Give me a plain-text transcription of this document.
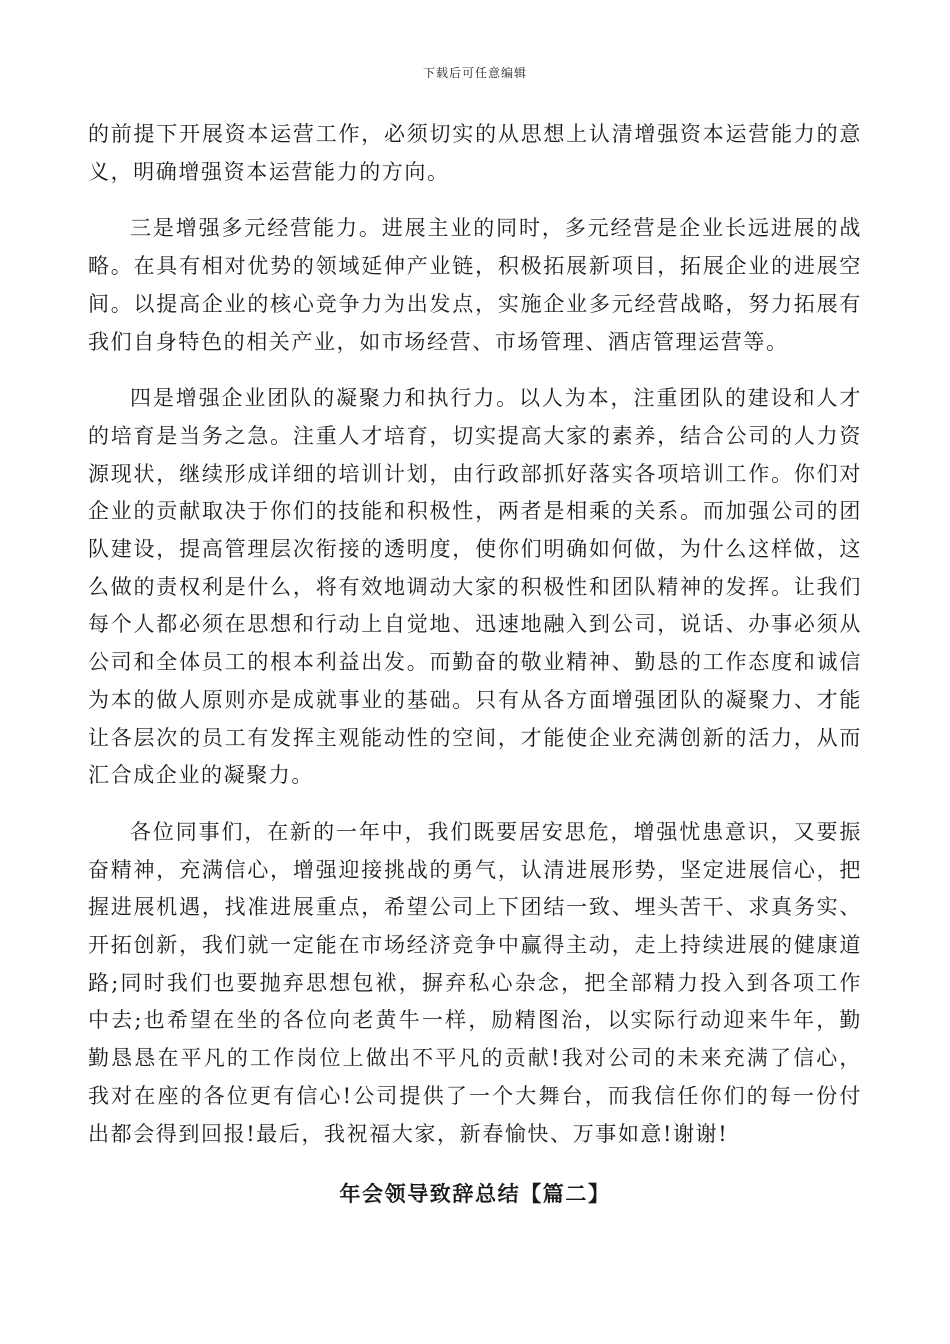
下载后可任意编辑

的前提下开展资本运营工作，必须切实的从思想上认清增强资本运营能力的意义，明确增强资本运营能力的方向。

三是增强多元经营能力。进展主业的同时，多元经营是企业长远进展的战略。在具有相对优势的领域延伸产业链，积极拓展新项目，拓展企业的进展空间。以提高企业的核心竞争力为出发点，实施企业多元经营战略，努力拓展有我们自身特色的相关产业，如市场经营、市场管理、酒店管理运营等。

四是增强企业团队的凝聚力和执行力。以人为本，注重团队的建设和人才的培育是当务之急。注重人才培育，切实提高大家的素养，结合公司的人力资源现状，继续形成详细的培训计划，由行政部抓好落实各项培训工作。你们对企业的贡献取决于你们的技能和积极性，两者是相乘的关系。而加强公司的团队建设，提高管理层次衔接的透明度，使你们明确如何做，为什么这样做，这么做的责权利是什么，将有效地调动大家的积极性和团队精神的发挥。让我们每个人都必须在思想和行动上自觉地、迅速地融入到公司，说话、办事必须从公司和全体员工的根本利益出发。而勤奋的敬业精神、勤恳的工作态度和诚信为本的做人原则亦是成就事业的基础。只有从各方面增强团队的凝聚力、才能让各层次的员工有发挥主观能动性的空间，才能使企业充满创新的活力，从而汇合成企业的凝聚力。

各位同事们，在新的一年中，我们既要居安思危，增强忧患意识，又要振奋精神，充满信心，增强迎接挑战的勇气，认清进展形势，坚定进展信心，把握进展机遇，找准进展重点，希望公司上下团结一致、埋头苦干、求真务实、开拓创新，我们就一定能在市场经济竞争中赢得主动，走上持续进展的健康道路;同时我们也要抛弃思想包袱，摒弃私心杂念，把全部精力投入到各项工作中去;也希望在坐的各位向老黄牛一样，励精图治，以实际行动迎来牛年，勤勤恳恳在平凡的工作岗位上做出不平凡的贡献!我对公司的未来充满了信心，我对在座的各位更有信心!公司提供了一个大舞台，而我信任你们的每一份付出都会得到回报!最后，我祝福大家，新春愉快、万事如意!谢谢!

年会领导致辞总结【篇二】
